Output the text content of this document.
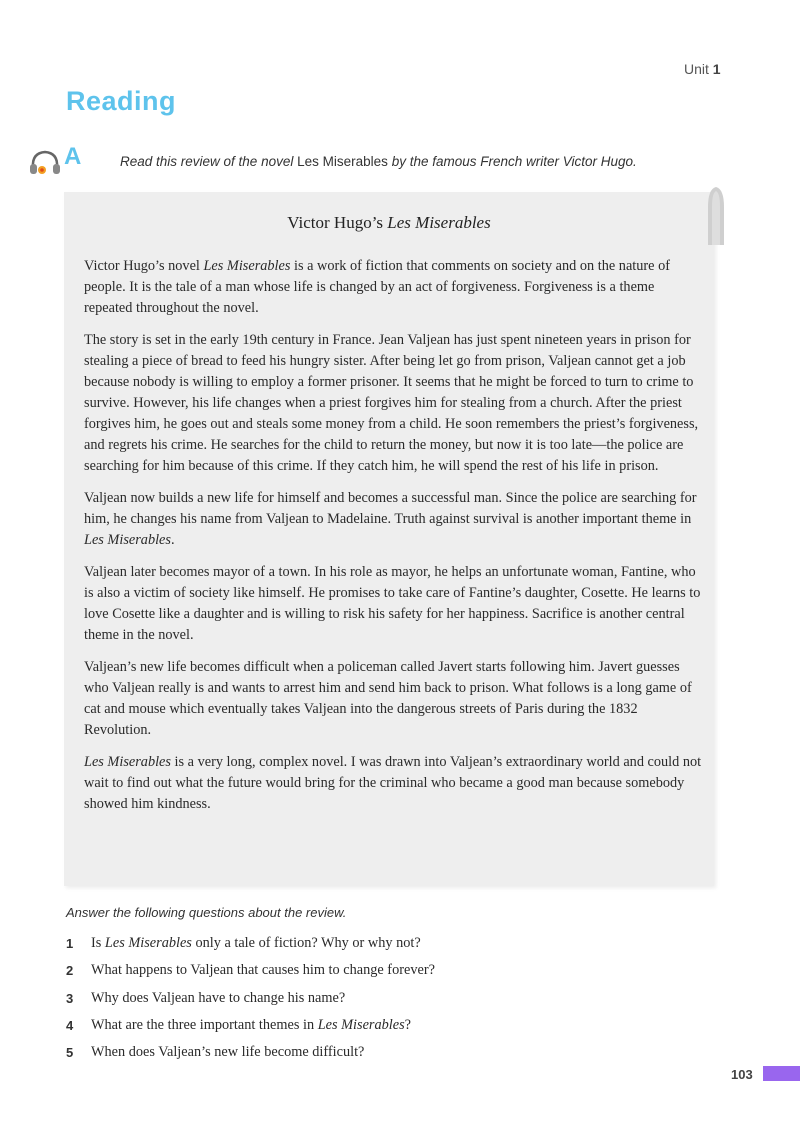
Unit 1
Reading
A	Read this review of the novel Les Miserables by the famous French writer Victor Hugo.
Victor Hugo’s Les Miserables

Victor Hugo’s novel Les Miserables is a work of fiction that comments on society and on the nature of people. It is the tale of a man whose life is changed by an act of forgiveness. Forgiveness is a theme repeated throughout the novel.

The story is set in the early 19th century in France. Jean Valjean has just spent nineteen years in prison for stealing a piece of bread to feed his hungry sister. After being let go from prison, Valjean cannot get a job because nobody is willing to employ a former prisoner. It seems that he might be forced to turn to crime to survive. However, his life changes when a priest forgives him for stealing from a church. After the priest forgives him, he goes out and steals some money from a child. He soon remembers the priest’s forgiveness, and regrets his crime. He searches for the child to return the money, but now it is too late—the police are searching for him because of this crime. If they catch him, he will spend the rest of his life in prison.

Valjean now builds a new life for himself and becomes a successful man. Since the police are searching for him, he changes his name from Valjean to Madelaine. Truth against survival is another important theme in Les Miserables.

Valjean later becomes mayor of a town. In his role as mayor, he helps an unfortunate woman, Fantine, who is also a victim of society like himself. He promises to take care of Fantine’s daughter, Cosette. He learns to love Cosette like a daughter and is willing to risk his safety for her happiness. Sacrifice is another central theme in the novel.

Valjean’s new life becomes difficult when a policeman called Javert starts following him. Javert guesses who Valjean really is and wants to arrest him and send him back to prison. What follows is a long game of cat and mouse which eventually takes Valjean into the dangerous streets of Paris during the 1832 Revolution.

Les Miserables is a very long, complex novel. I was drawn into Valjean’s extraordinary world and could not wait to find out what the future would bring for the criminal who became a good man because somebody showed him kindness.

Answer the following questions about the review.
1	Is Les Miserables only a tale of fiction? Why or why not?
2	What happens to Valjean that causes him to change forever?
3	Why does Valjean have to change his name?
4	What are the three important themes in Les Miserables?
5	When does Valjean’s new life become difficult?
103
